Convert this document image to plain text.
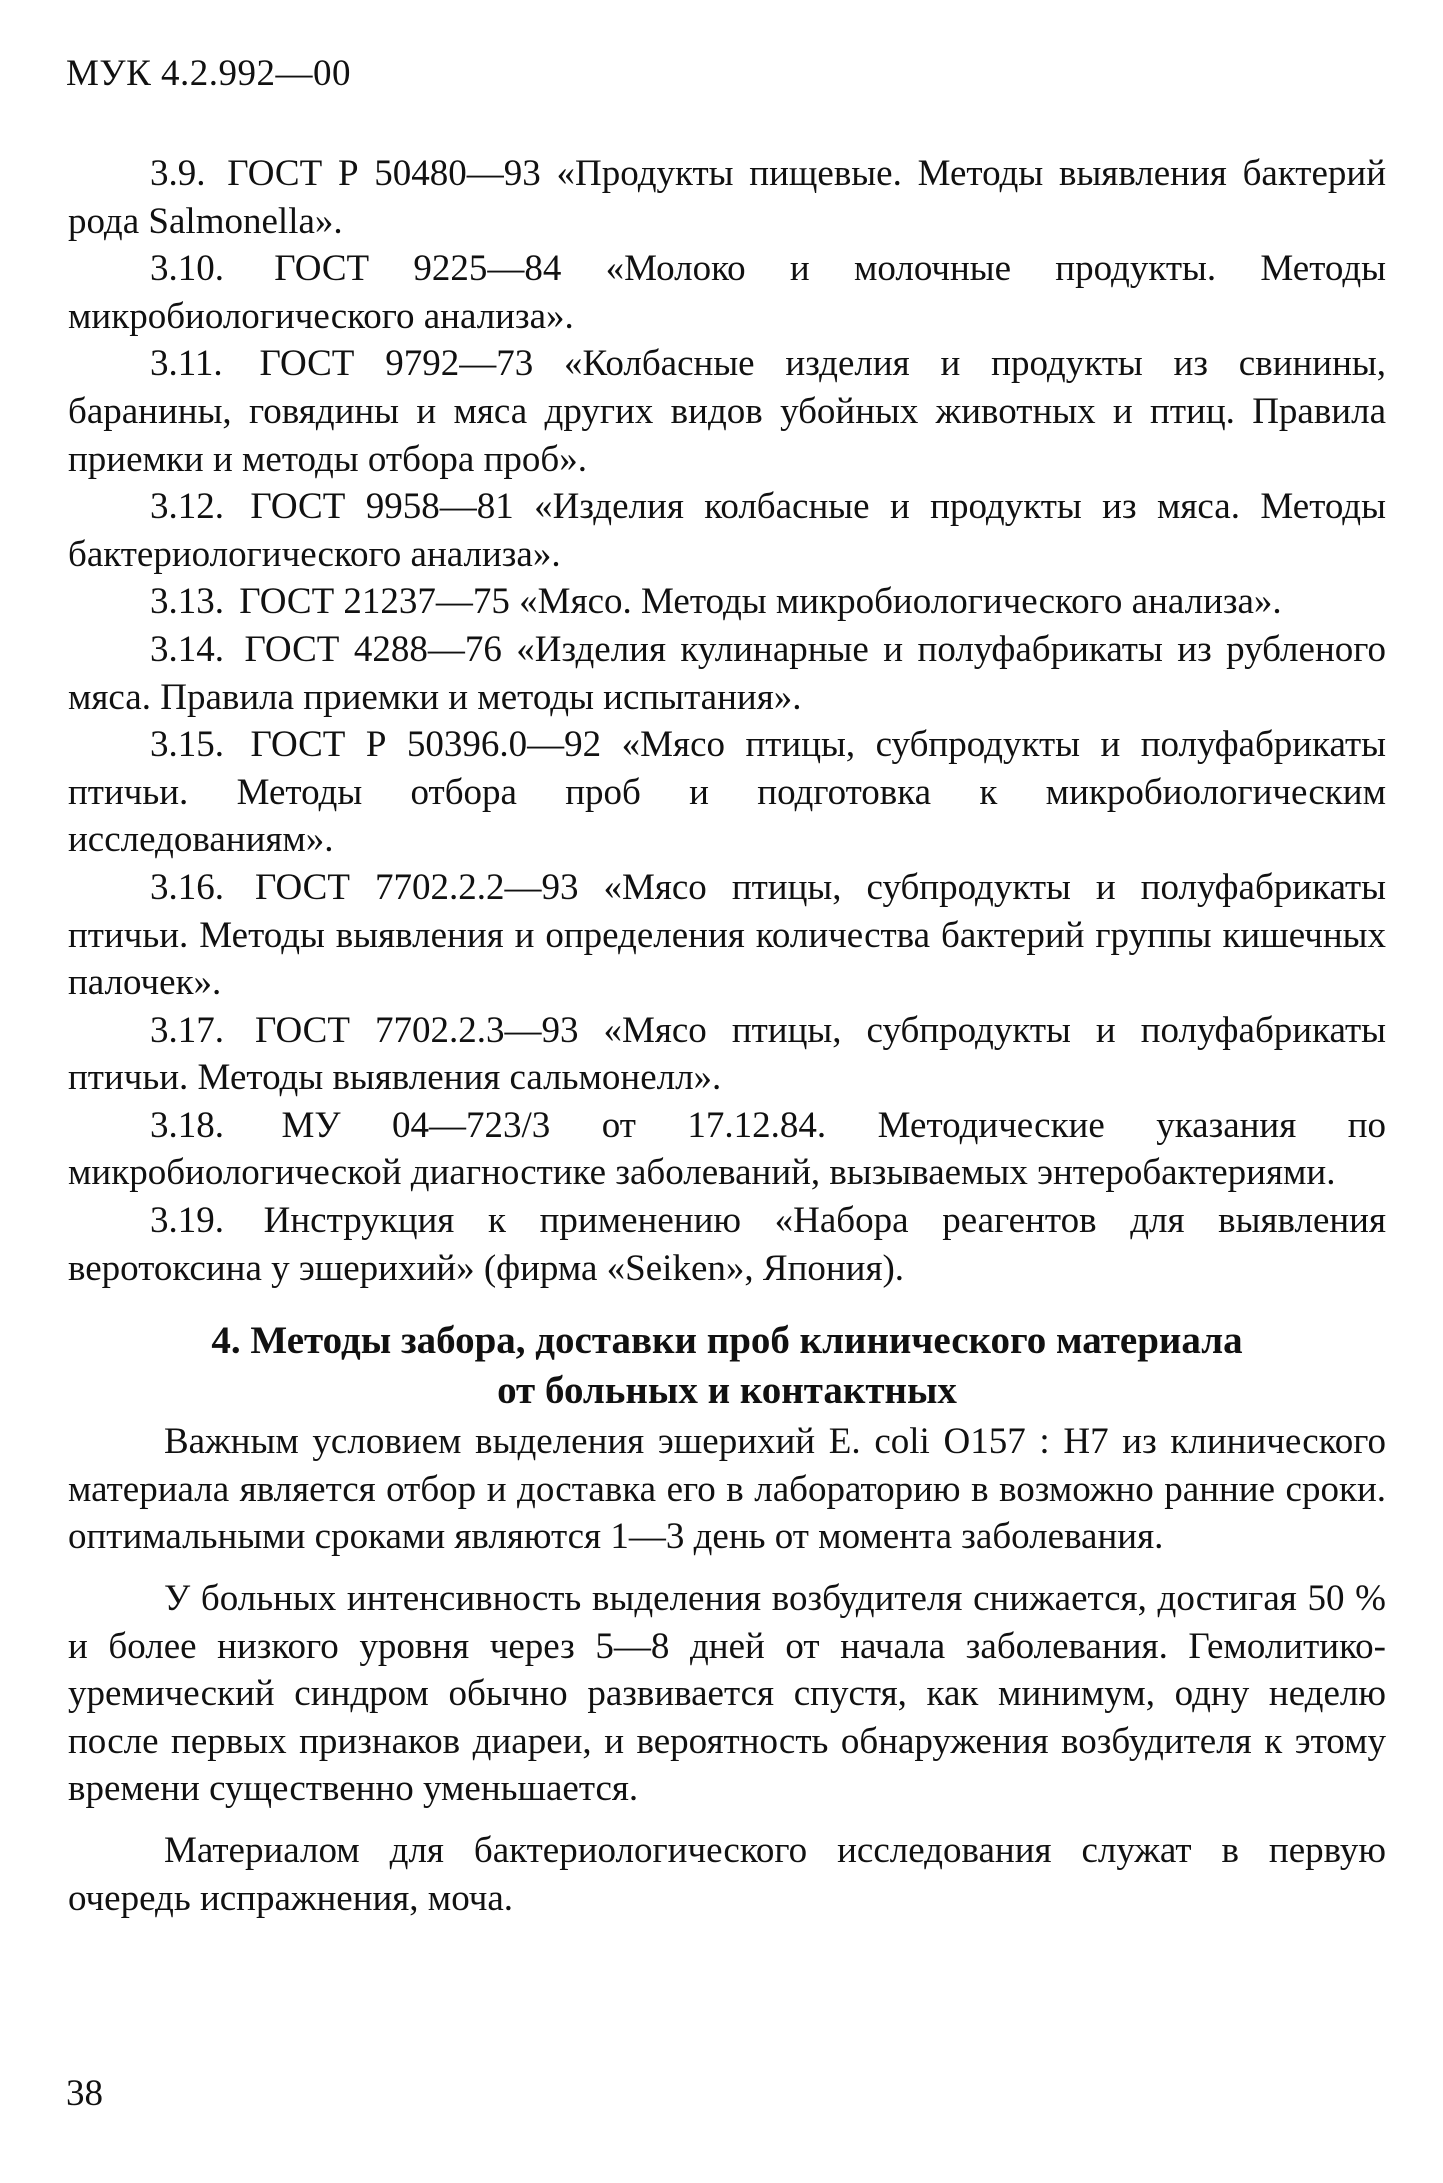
МУК 4.2.992—00

3.9. ГОСТ Р 50480—93 «Продукты пищевые. Методы выявления бактерий рода Salmonella».

3.10. ГОСТ 9225—84 «Молоко и молочные продукты. Методы микробиологического анализа».

3.11. ГОСТ 9792—73 «Колбасные изделия и продукты из свинины, баранины, говядины и мяса других видов убойных животных и птиц. Правила приемки и методы отбора проб».

3.12. ГОСТ 9958—81 «Изделия колбасные и продукты из мяса. Методы бактериологического анализа».

3.13. ГОСТ 21237—75 «Мясо. Методы микробиологического анализа».

3.14. ГОСТ 4288—76 «Изделия кулинарные и полуфабрикаты из рубленого мяса. Правила приемки и методы испытания».

3.15. ГОСТ Р 50396.0—92 «Мясо птицы, субпродукты и полуфабрикаты птичьи. Методы отбора проб и подготовка к микробиологическим исследованиям».

3.16. ГОСТ 7702.2.2—93 «Мясо птицы, субпродукты и полуфабрикаты птичьи. Методы выявления и определения количества бактерий группы кишечных палочек».

3.17. ГОСТ 7702.2.3—93 «Мясо птицы, субпродукты и полуфабрикаты птичьи. Методы выявления сальмонелл».

3.18. МУ 04—723/3 от 17.12.84. Методические указания по микробиологической диагностике заболеваний, вызываемых энтеробактериями.

3.19. Инструкция к применению «Набора реагентов для выявления веротоксина у эшерихий» (фирма «Seiken», Япония).

4. Методы забора, доставки проб клинического материала
от больных и контактных

Важным условием выделения эшерихий E. coli O157 : H7 из клинического материала является отбор и доставка его в лабораторию в возможно ранние сроки. оптимальными сроками являются 1—3 день от момента заболевания.

У больных интенсивность выделения возбудителя снижается, достигая 50 % и более низкого уровня через 5—8 дней от начала заболевания. Гемолитико-уремический синдром обычно развивается спустя, как минимум, одну неделю после первых признаков диареи, и вероятность обнаружения возбудителя к этому времени существенно уменьшается.

Материалом для бактериологического исследования служат в первую очередь испражнения, моча.

38
